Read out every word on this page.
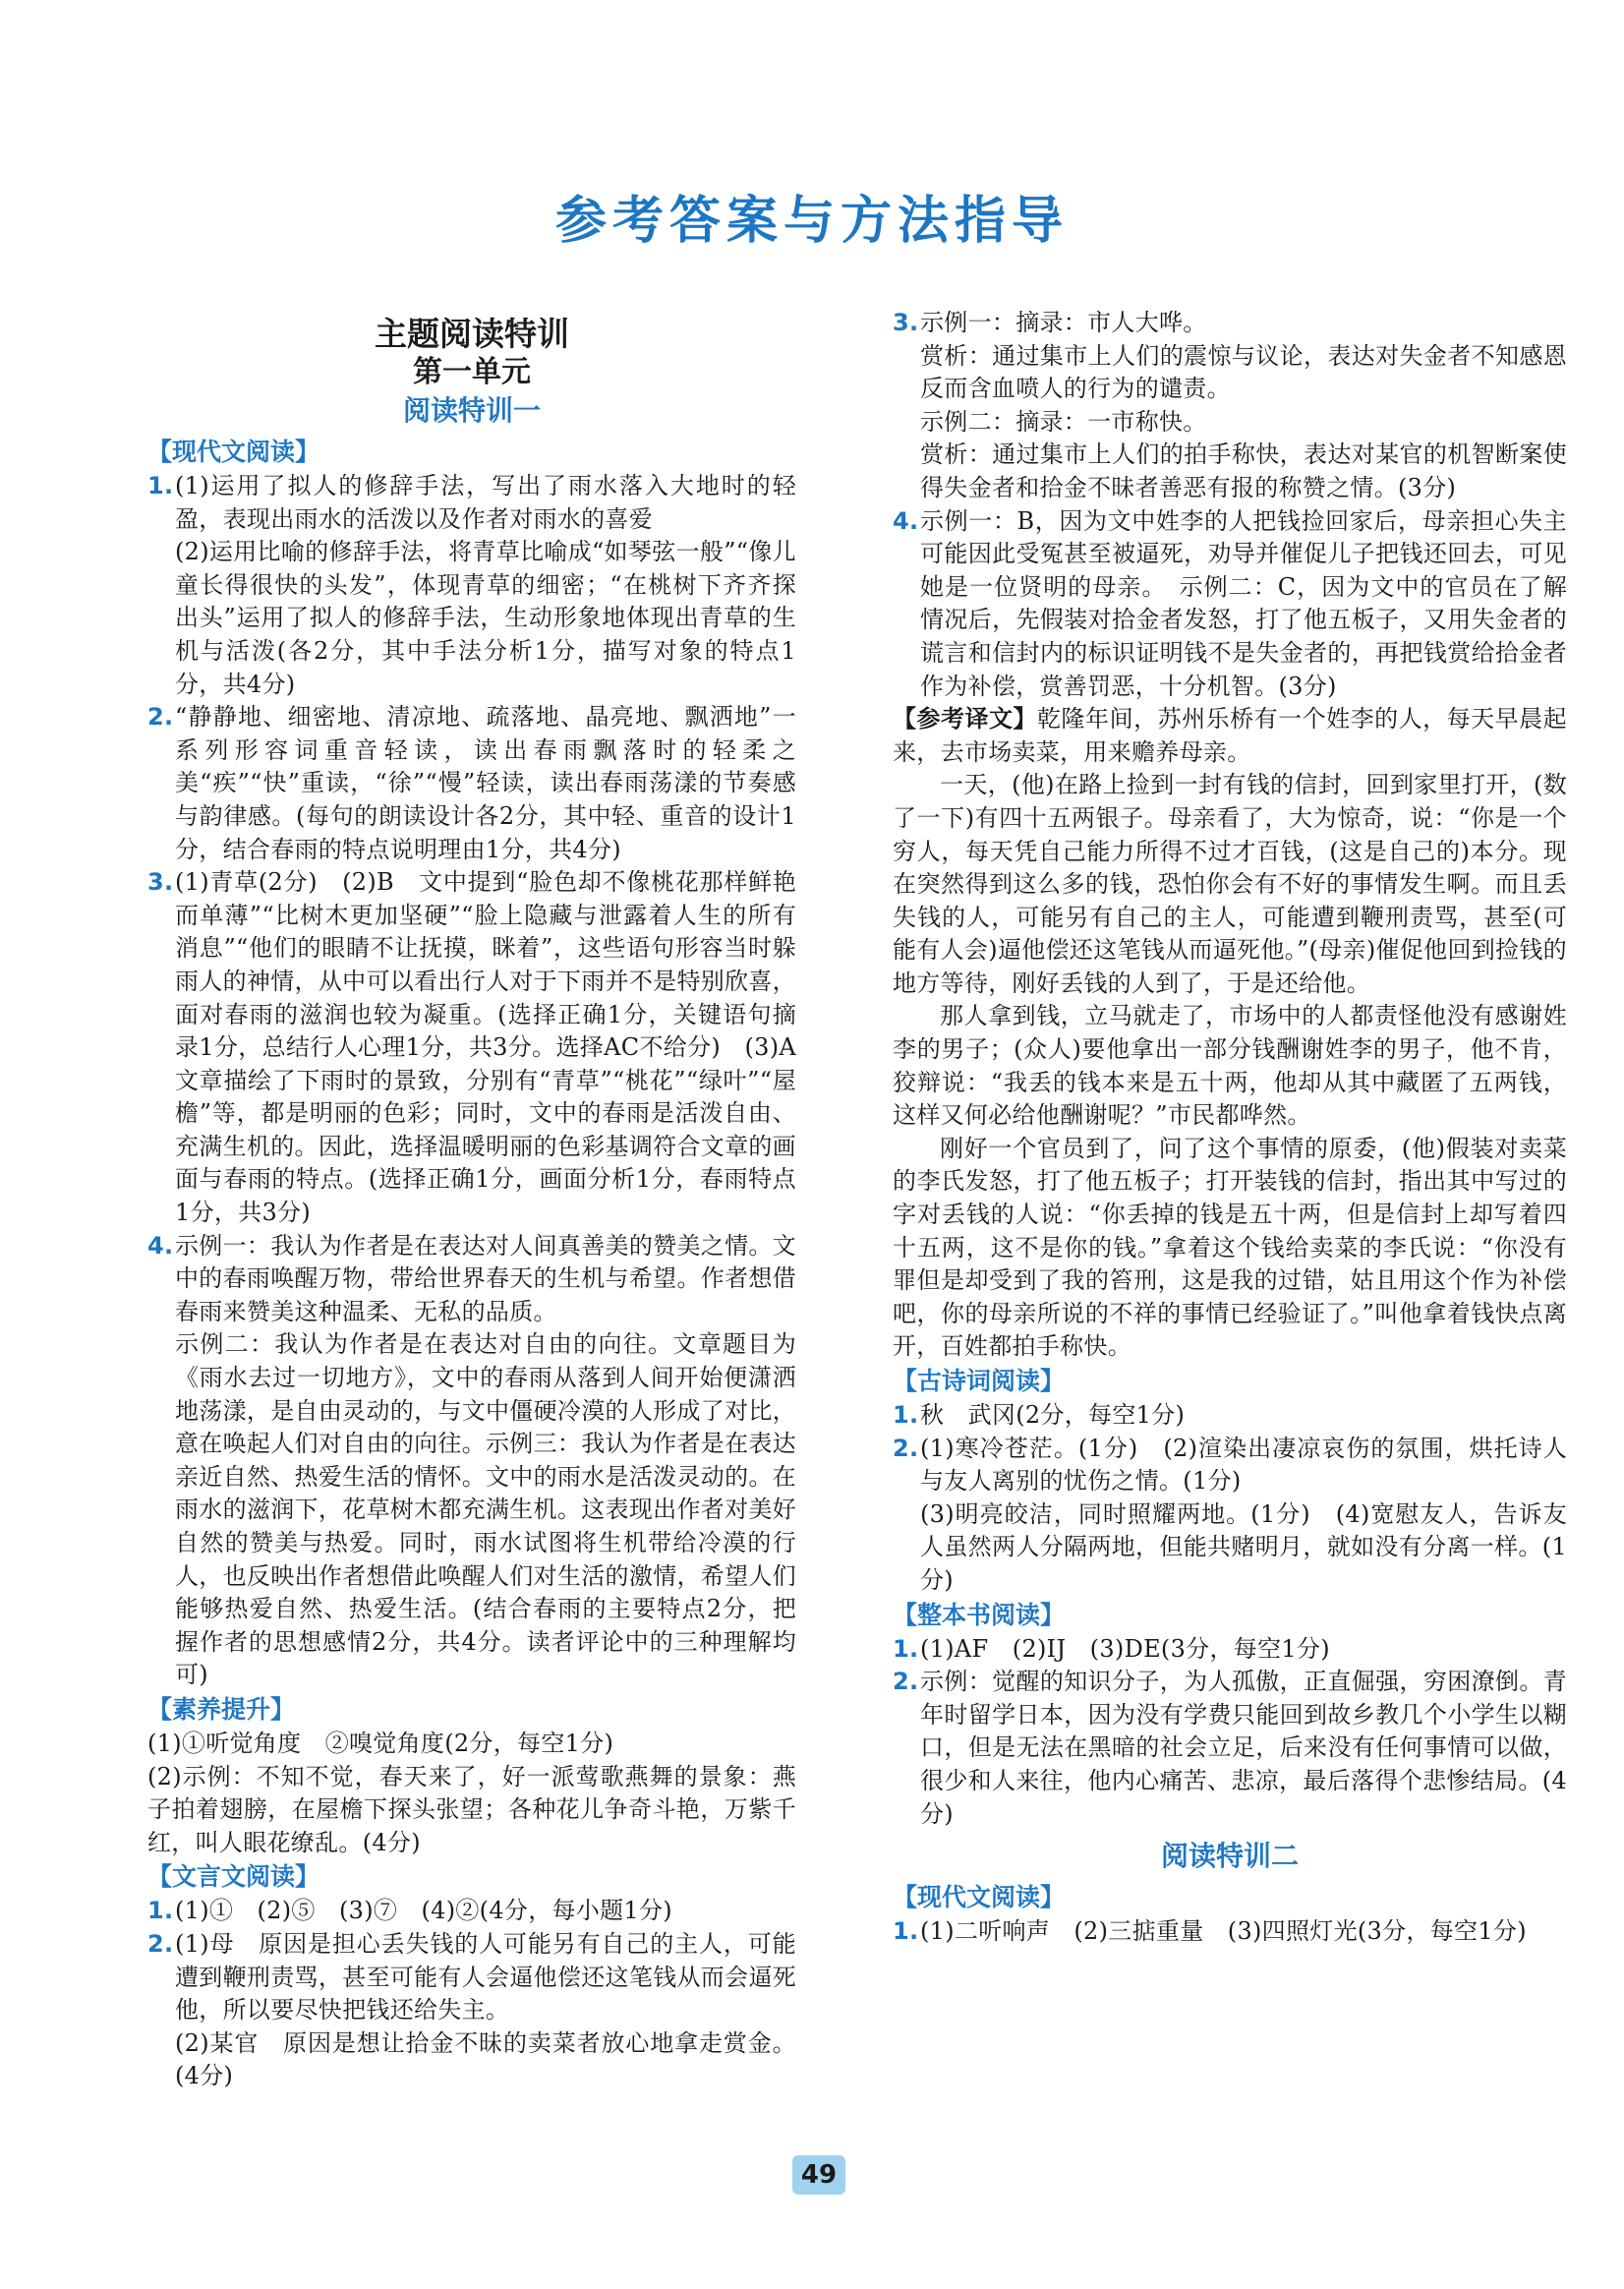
参考答案与方法指导

主题阅读特训

第一单元

阅读特训一

【现代文阅读】

1. (1)运用了拟人的修辞手法，写出了雨水落入大地时的轻盈，表现出雨水的活泼以及作者对雨水的喜爱

(2)运用比喻的修辞手法，将青草比喻成“如琴弦一般”“像儿童长得很快的头发”，体现青草的细密；“在桃树下齐齐探出头”运用了拟人的修辞手法，生动形象地体现出青草的生机与活泼(各2分，其中手法分析1分，描写对象的特点1分，共4分)

2. “静静地、细密地、清凉地、疏落地、晶亮地、飘洒地”一系列形容词重音轻读，读出春雨飘落时的轻柔之美“疾”“快”重读，“徐”“慢”轻读，读出春雨荡漾的节奏感与韵律感。(每句的朗读设计各2分，其中轻、重音的设计1分，结合春雨的特点说明理由1分，共4分)

3. (1)青草(2分)　(2)B　文中提到“脸色却不像桃花那样鲜艳而单薄”“比树木更加坚硬”“脸上隐藏与泄露着人生的所有消息”“他们的眼睛不让抚摸，眯着”，这些语句形容当时躲雨人的神情，从中可以看出行人对于下雨并不是特别欣喜，面对春雨的滋润也较为凝重。(选择正确1分，关键语句摘录1分，总结行人心理1分，共3分。选择AC不给分)　(3)A　文章描绘了下雨时的景致，分别有“青草”“桃花”“绿叶”“屋檐”等，都是明丽的色彩；同时，文中的春雨是活泼自由、充满生机的。因此，选择温暖明丽的色彩基调符合文章的画面与春雨的特点。(选择正确1分，画面分析1分，春雨特点1分，共3分)

4. 示例一：我认为作者是在表达对人间真善美的赞美之情。文中的春雨唤醒万物，带给世界春天的生机与希望。作者想借春雨来赞美这种温柔、无私的品质。

示例二：我认为作者是在表达对自由的向往。文章题目为《雨水去过一切地方》，文中的春雨从落到人间开始便潇洒地荡漾，是自由灵动的，与文中僵硬冷漠的人形成了对比，意在唤起人们对自由的向往。示例三：我认为作者是在表达亲近自然、热爱生活的情怀。文中的雨水是活泼灵动的。在雨水的滋润下，花草树木都充满生机。这表现出作者对美好自然的赞美与热爱。同时，雨水试图将生机带给冷漠的行人，也反映出作者想借此唤醒人们对生活的激情，希望人们能够热爱自然、热爱生活。(结合春雨的主要特点2分，把握作者的思想感情2分，共4分。读者评论中的三种理解均可)

【素养提升】

(1)①听觉角度　②嗅觉角度(2分，每空1分)

(2)示例：不知不觉，春天来了，好一派莺歌燕舞的景象：燕子拍着翅膀，在屋檐下探头张望；各种花儿争奇斗艳，万紫千红，叫人眼花缭乱。(4分)

【文言文阅读】

1. (1)①　(2)⑤　(3)⑦　(4)②(4分，每小题1分)

2. (1)母　原因是担心丢失钱的人可能另有自己的主人，可能遭到鞭刑责骂，甚至可能有人会逼他偿还这笔钱从而会逼死他，所以要尽快把钱还给失主。

(2)某官　原因是想让拾金不昧的卖菜者放心地拿走赏金。(4分)

3. 示例一：摘录：市人大哗。

赏析：通过集市上人们的震惊与议论，表达对失金者不知感恩反而含血喷人的行为的谴责。

示例二：摘录：一市称快。

赏析：通过集市上人们的拍手称快，表达对某官的机智断案使得失金者和拾金不昧者善恶有报的称赞之情。(3分)

4. 示例一：B，因为文中姓李的人把钱捡回家后，母亲担心失主可能因此受冤甚至被逼死，劝导并催促儿子把钱还回去，可见她是一位贤明的母亲。　示例二：C，因为文中的官员在了解情况后，先假装对拾金者发怒，打了他五板子，又用失金者的谎言和信封内的标识证明钱不是失金者的，再把钱赏给拾金者作为补偿，赏善罚恶，十分机智。(3分)

【参考译文】乾隆年间，苏州乐桥有一个姓李的人，每天早晨起来，去市场卖菜，用来赡养母亲。

一天，(他)在路上捡到一封有钱的信封，回到家里打开，(数了一下)有四十五两银子。母亲看了，大为惊奇，说：“你是一个穷人，每天凭自己能力所得不过才百钱，(这是自己的)本分。现在突然得到这么多的钱，恐怕你会有不好的事情发生啊。而且丢失钱的人，可能另有自己的主人，可能遭到鞭刑责骂，甚至(可能有人会)逼他偿还这笔钱从而逼死他。”(母亲)催促他回到捡钱的地方等待，刚好丢钱的人到了，于是还给他。

那人拿到钱，立马就走了，市场中的人都责怪他没有感谢姓李的男子；(众人)要他拿出一部分钱酬谢姓李的男子，他不肯，狡辩说：“我丢的钱本来是五十两，他却从其中藏匿了五两钱，这样又何必给他酬谢呢？”市民都哗然。

刚好一个官员到了，问了这个事情的原委，(他)假装对卖菜的李氏发怒，打了他五板子；打开装钱的信封，指出其中写过的字对丢钱的人说：“你丢掉的钱是五十两，但是信封上却写着四十五两，这不是你的钱。”拿着这个钱给卖菜的李氏说：“你没有罪但是却受到了我的笞刑，这是我的过错，姑且用这个作为补偿吧，你的母亲所说的不祥的事情已经验证了。”叫他拿着钱快点离开，百姓都拍手称快。

【古诗词阅读】

1. 秋　武冈(2分，每空1分)

2. (1)寒冷苍茫。(1分)　(2)渲染出凄凉哀伤的氛围，烘托诗人与友人离别的忧伤之情。(1分)

(3)明亮皎洁，同时照耀两地。(1分)　(4)宽慰友人，告诉友人虽然两人分隔两地，但能共赌明月，就如没有分离一样。(1分)

【整本书阅读】

1. (1)AF　(2)IJ　(3)DE(3分，每空1分)

2. 示例：觉醒的知识分子，为人孤傲，正直倔强，穷困潦倒。青年时留学日本，因为没有学费只能回到故乡教几个小学生以糊口，但是无法在黑暗的社会立足，后来没有任何事情可以做，很少和人来往，他内心痛苦、悲凉，最后落得个悲惨结局。(4分)

阅读特训二

【现代文阅读】

1. (1)二听响声　(2)三掂重量　(3)四照灯光(3分，每空1分)

49
